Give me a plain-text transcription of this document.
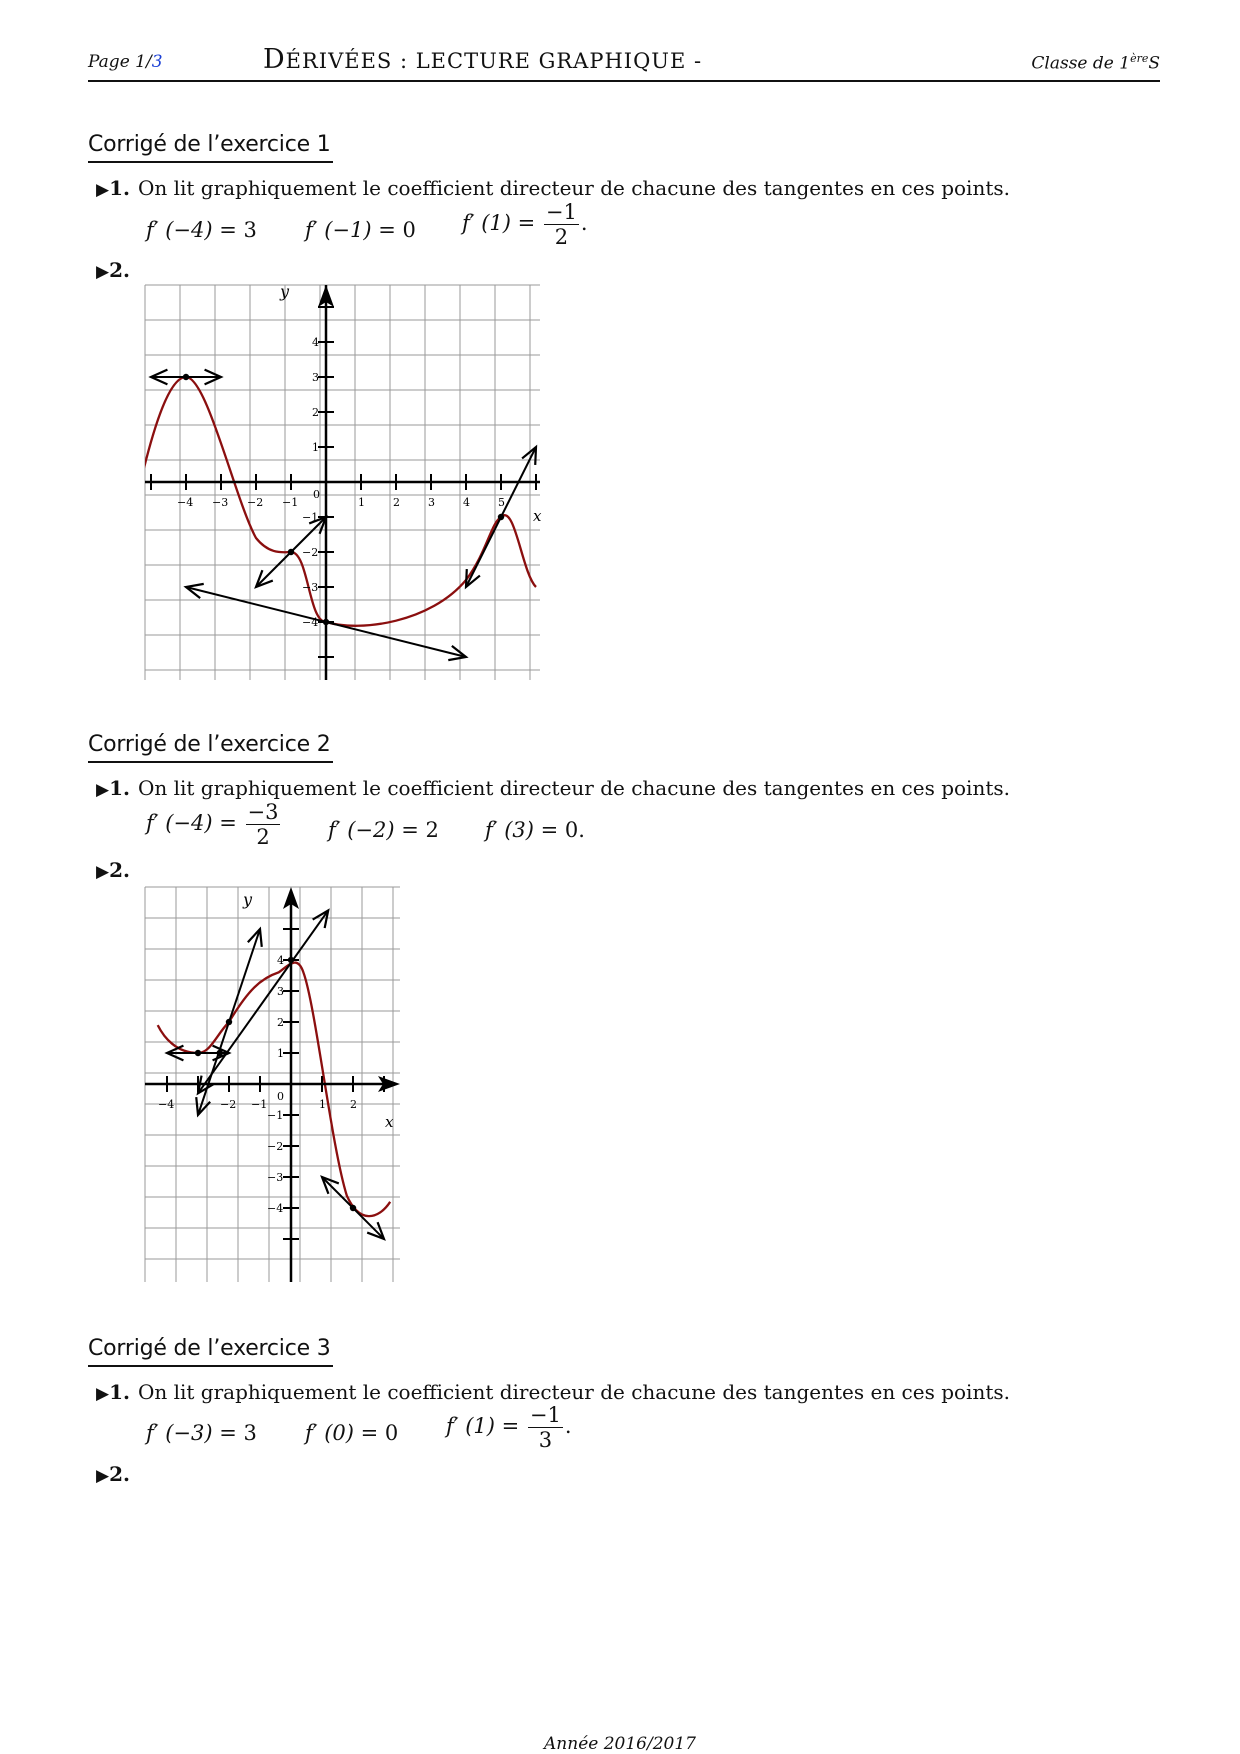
Page 1/3	DÉRIVÉES : LECTURE GRAPHIQUE -	Classe de 1èreS
Corrigé de l’exercice 1
▶1. On lit graphiquement le coefficient directeur de chacune des tangentes en ces points.
f′ (−4) = 3 f′ (−1) = 0 f′ $(1) = \frac{-1}{2}$ .
▶2.
y
x
0
−4 −3 −2 −1	1	2	3	4	5
4
3
2
1
−1
−2
−3
−4
Corrigé de l’exercice 2
▶1. On lit graphiquement le coefficient directeur de chacune des tangentes en ces points.
f′ $(-4) = \frac{-3}{2} f'$ (−2) = 2 f′ (3) = 0.
▶2.
y
x
0
−4	−2 −1	1 2
4
3
2
1
−1
−2
−3
−4
Corrigé de l’exercice 3
▶1. On lit graphiquement le coefficient directeur de chacune des tangentes en ces points.
f′ (−3) = 3 f′ (0) = 0 f′ $(1) = \frac{-1}{3}$ .
▶2.
Année 2016/2017
